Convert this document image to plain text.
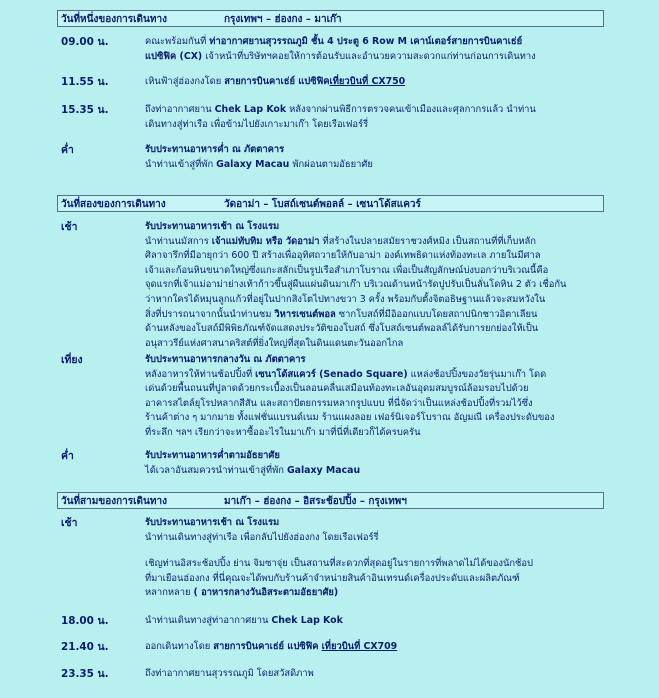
วันที่หนึ่งของการเดินทาง	กรุงเทพฯ – ฮ่องกง – มาเก๊า
09.00 น.	คณะพร้อมกันที่ ท่าอากาศยานสุวรรณภูมิ ชั้น 4 ประตู 6 Row M เคาน์เตอร์สายการบินคาเธ่ย์
แปซิฟิค (CX) เจ้าหน้าที่บริษัทฯคอยให้การต้อนรับและอำนวยความสะดวกแก่ท่านก่อนการเดินทาง
11.55 น.	เหินฟ้าสู่ฮ่องกงโดย สายการบินคาเธ่ย์ แปซิฟิคเที่ยวบินที่ CX750
15.35 น.	ถึงท่าอากาศยาน Chek Lap Kok หลังจากผ่านพิธีการตรวจคนเข้าเมืองและศุลกากรแล้ว นำท่าน
เดินทางสู่ท่าเรือ เพื่อข้ามไปยังเกาะมาเก๊า โดยเรือเฟอร์รี่
ค่ำ	รับประทานอาหารค่ำ ณ ภัตตาคาร
นำท่านเข้าสู่ที่พัก Galaxy Macau พักผ่อนตามอัธยาศัย
วันที่สองของการเดินทาง	วัดอาม่า – โบสถ์เซนต์พอลล์ – เซนาโด้สแควร์
เช้า	รับประทานอาหารเช้า ณ โรงแรม
นำท่านนมัสการ เจ้าแม่ทับทิม หรือ วัดอาม่า ที่สร้างในปลายสมัยราชวงศ์หมิง เป็นสถานที่ที่เก็บหลัก
ศิลาจารึกที่มีอายุกว่า 600 ปี สร้างเพื่ออุทิศถวายให้กับอาม่า องค์เทพธิดาแห่งท้องทะเล ภายในมีศาล
เจ้าและก้อนหินขนาดใหญ่ซึ่งแกะสลักเป็นรูปเรือสำเภาโบราณ เพื่อเป็นสัญลักษณ์บ่งบอกว่าบริเวณนี้คือ
จุดแรกที่เจ้าแม่อาม่าย่างเท้าก้าวขึ้นสู่ผืนแผ่นดินมาเก๊า บริเวณด้านหน้ารัดปูปรับเป็นลั่นโดหิน 2 ตัว เชื่อกัน
ว่าหากใครได้หมุนลูกแก้วที่อยู่ในปากสิงโตไปทางขวา 3 ครั้ง พร้อมกับตั้งจิตอธิษฐานแล้วจะสมหวังใน
สิ่งที่ปรารถนาจากนั้นนำท่านชม วิหารเซนต์พอล ซากโบสถ์ที่มีอิออกแบบโดยสถาปนิกชาวอิตาเลียน
ด้านหลังของโบสถ์มีพิพิธภัณฑ์จัดแสดงประวัติของโบสถ์ ซึ่งโบสถ์เซนต์พอลล์ได้รับการยกย่องให้เป็น
อนุสาวรีย์แห่งศาสนาคริสต์ที่ยิ่งใหญ่ที่สุดในดินแดนตะวันออกไกล
เที่ยง	รับประทานอาหารกลางวัน ณ ภัตตาคาร
หลังอาหารให้ท่านช้อปปิ้งที่ เซนาโด้สแควร์ (Senado Square) แหล่งช้อปปิ้งของวัยรุ่นมาเก๊า โดด
เด่นด้วยพื้นถนนที่ปูลาดด้วยกระเบื้องเป็นลอนคลื่นเสมือนท้องทะเลอันอุดมสมบูรณ์ล้อมรอบไปด้วย
อาคารสไตล์ยุโรปหลากสีสัน และสถาปัตยกรรมหลากรูปแบบ ที่นี่จัดว่าเป็นแหล่งช้อปปิ้งที่รวมไว้ซึ่ง
ร้านค้าต่าง ๆ มากมาย ทั้งแฟชั่นแบรนด์เนม ร้านแผงลอย เฟอร์นิเจอร์โบราณ อัญมณี เครื่องประดับของ
ที่ระลึก ฯลฯ เรียกว่าจะหาซื้ออะไรในมาเก๊า มาที่นี่ที่เดียวก็ได้ครบครัน
ค่ำ	รับประทานอาหารค่ำตามอัธยาศัย
ได้เวลาอันสมควรนำท่านเข้าสู่ที่พัก Galaxy Macau
วันที่สามของการเดินทาง	มาเก๊า – ฮ่องกง – อิสระช้อปปิ้ง – กรุงเทพฯ
เช้า	รับประทานอาหารเช้า ณ โรงแรม
นำท่านเดินทางสู่ท่าเรือ เพื่อกลับไปยังฮ่องกง โดยเรือเฟอร์รี่

เชิญท่านอิสระช้อปปิ้ง ย่าน จิมซาจุ่ย เป็นสถานที่สะดวกที่สุดอยู่ในรายการที่พลาดไม่ได้ของนักช้อป
ที่มาเยือนฮ่องกง ที่นี่คุณจะได้พบกับร้านค้าจำหน่ายสินค้าอินเทรนด์เครื่องประดับและผลิตภัณฑ์
หลากหลาย ( อาหารกลางวันอิสระตามอัธยาศัย)
18.00 น.	นำท่านเดินทางสู่ท่าอากาศยาน Chek Lap Kok
21.40 น.	ออกเดินทางโดย สายการบินคาเธ่ย์ แปซิฟิค เที่ยวบินที่ CX709
23.35 น.	ถึงท่าอากาศยานสุวรรณภูมิ โดยสวัสดิภาพ
